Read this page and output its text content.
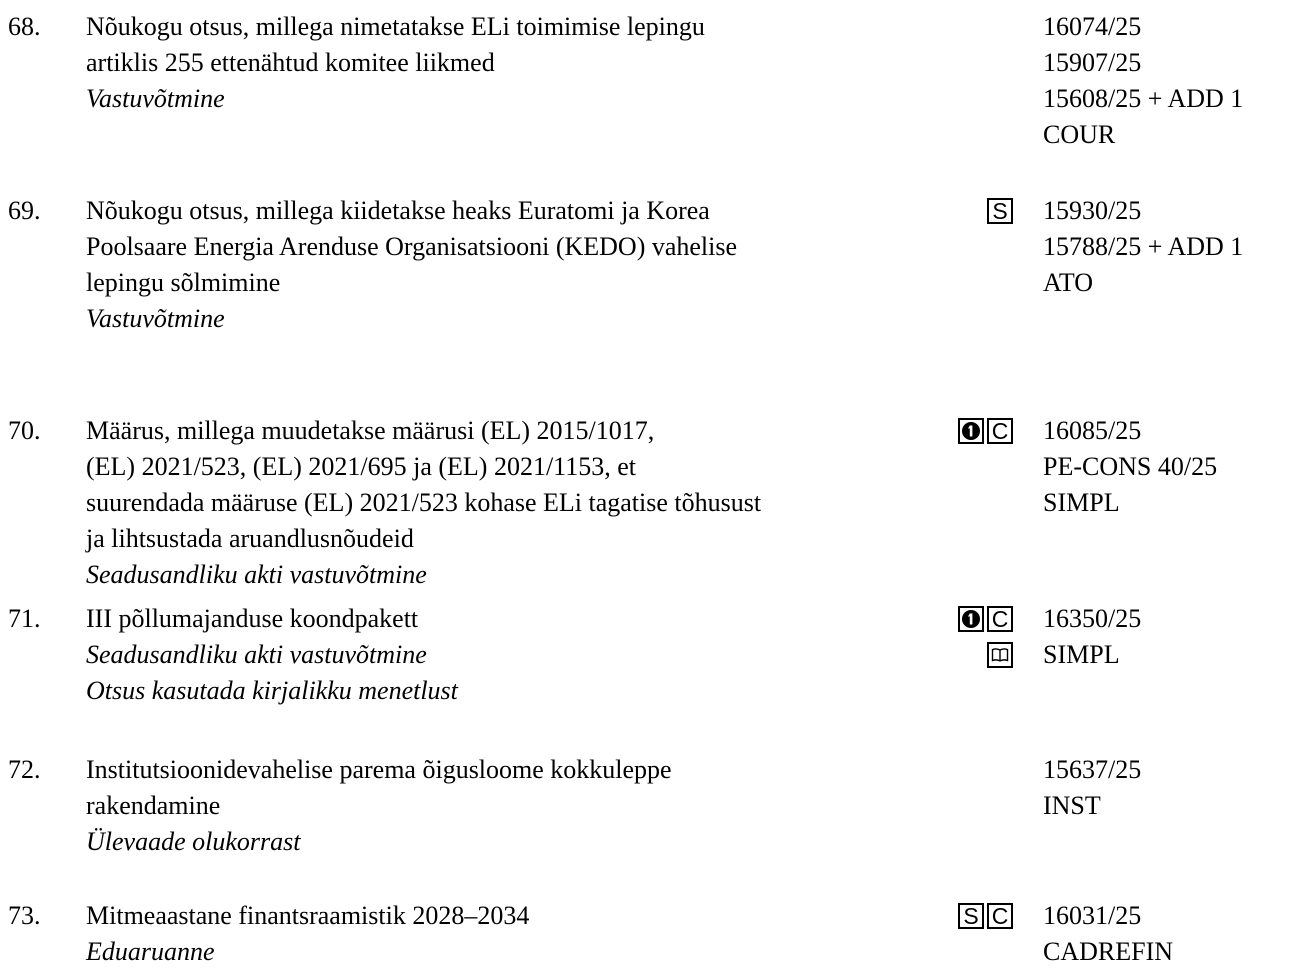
68. Nõukogu otsus, millega nimetatakse ELi toimimise lepingu
artiklis 255 ettenähtud komitee liikmed
Vastuvõtmine
16074/25
15907/25
15608/25 + ADD 1
COUR
69. Nõukogu otsus, millega kiidetakse heaks Euratomi ja Korea
Poolsaare Energia Arenduse Organisatsiooni (KEDO) vahelise
lepingu sõlmimine
Vastuvõtmine
S 15930/25
15788/25 + ADD 1
ATO
70. Määrus, millega muudetakse määrusi (EL) 2015/1017,
(EL) 2021/523, (EL) 2021/695 ja (EL) 2021/1153, et
suurendada määruse (EL) 2021/523 kohase ELi tagatise tõhusust
ja lihtsustada aruandlusnõudeid
Seadusandliku akti vastuvõtmine
C 16085/25
PE-CONS 40/25
SIMPL
71. III põllumajanduse koondpakett
Seadusandliku akti vastuvõtmine
Otsus kasutada kirjalikku menetlust
C 16350/25
SIMPL
72. Institutsioonidevahelise parema õigusloome kokkuleppe
rakendamine
Ülevaade olukorrast
15637/25
INST
73. Mitmeaastane finantsraamistik 2028–2034
Eduaruanne
S C 16031/25
CADREFIN
